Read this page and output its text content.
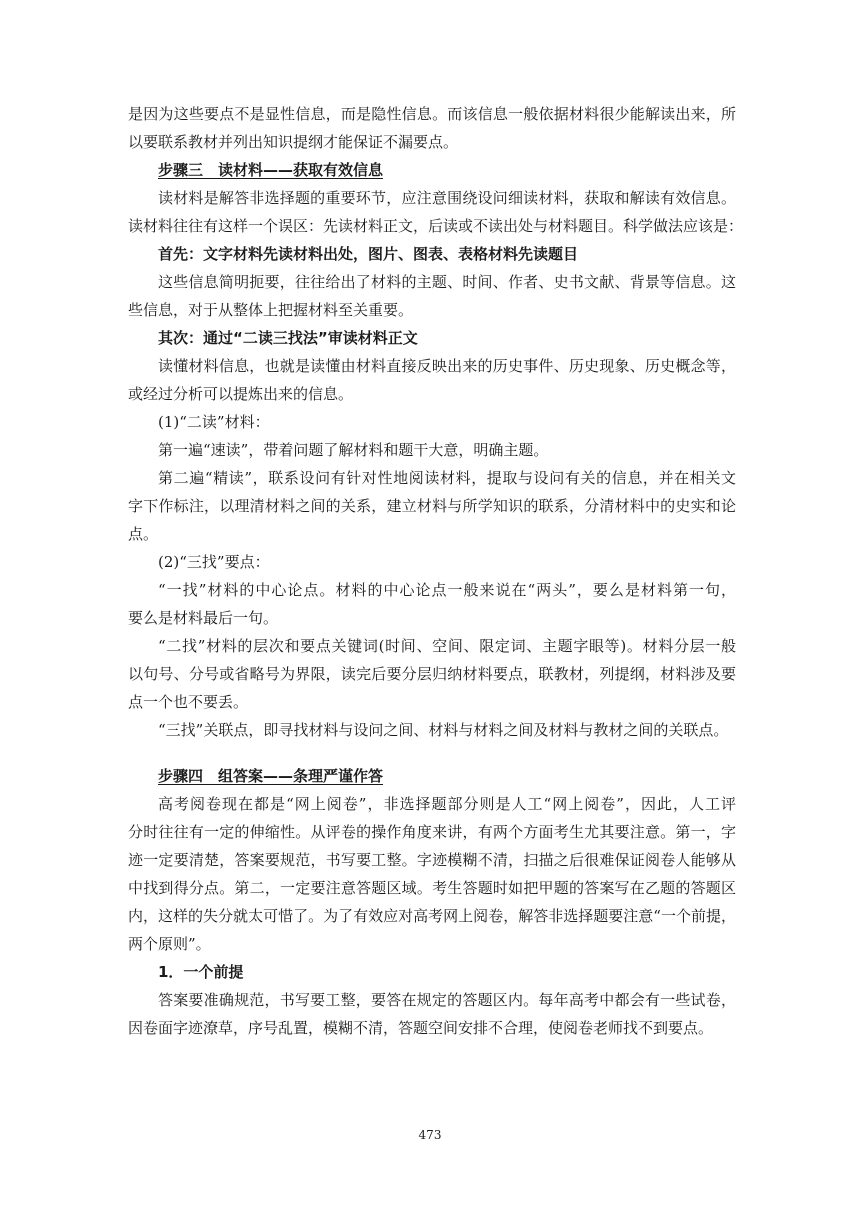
是因为这些要点不是显性信息，而是隐性信息。而该信息一般依据材料很少能解读出来，所
以要联系教材并列出知识提纲才能保证不漏要点。
步骤三　读材料——获取有效信息
读材料是解答非选择题的重要环节，应注意围绕设问细读材料，获取和解读有效信息。
读材料往往有这样一个误区：先读材料正文，后读或不读出处与材料题目。科学做法应该是：
首先：文字材料先读材料出处，图片、图表、表格材料先读题目
这些信息简明扼要，往往给出了材料的主题、时间、作者、史书文献、背景等信息。这
些信息，对于从整体上把握材料至关重要。
其次：通过“二读三找法”审读材料正文
读懂材料信息，也就是读懂由材料直接反映出来的历史事件、历史现象、历史概念等，
或经过分析可以提炼出来的信息。
(1)“二读”材料：
第一遍“速读”，带着问题了解材料和题干大意，明确主题。
第二遍“精读”，联系设问有针对性地阅读材料，提取与设问有关的信息，并在相关文
字下作标注，以理清材料之间的关系，建立材料与所学知识的联系，分清材料中的史实和论
点。
(2)“三找”要点：
“一找”材料的中心论点。材料的中心论点一般来说在“两头”，要么是材料第一句，
要么是材料最后一句。
“二找”材料的层次和要点关键词(时间、空间、限定词、主题字眼等)。材料分层一般
以句号、分号或省略号为界限，读完后要分层归纳材料要点，联教材，列提纲，材料涉及要
点一个也不要丢。
“三找”关联点，即寻找材料与设问之间、材料与材料之间及材料与教材之间的关联点。
步骤四　组答案——条理严谨作答
高考阅卷现在都是“网上阅卷”，非选择题部分则是人工“网上阅卷”，因此，人工评
分时往往有一定的伸缩性。从评卷的操作角度来讲，有两个方面考生尤其要注意。第一，字
迹一定要清楚，答案要规范，书写要工整。字迹模糊不清，扫描之后很难保证阅卷人能够从
中找到得分点。第二，一定要注意答题区域。考生答题时如把甲题的答案写在乙题的答题区
内，这样的失分就太可惜了。为了有效应对高考网上阅卷，解答非选择题要注意“一个前提，
两个原则”。
1．一个前提
答案要准确规范，书写要工整，要答在规定的答题区内。每年高考中都会有一些试卷，
因卷面字迹潦草，序号乱置，模糊不清，答题空间安排不合理，使阅卷老师找不到要点。
473
